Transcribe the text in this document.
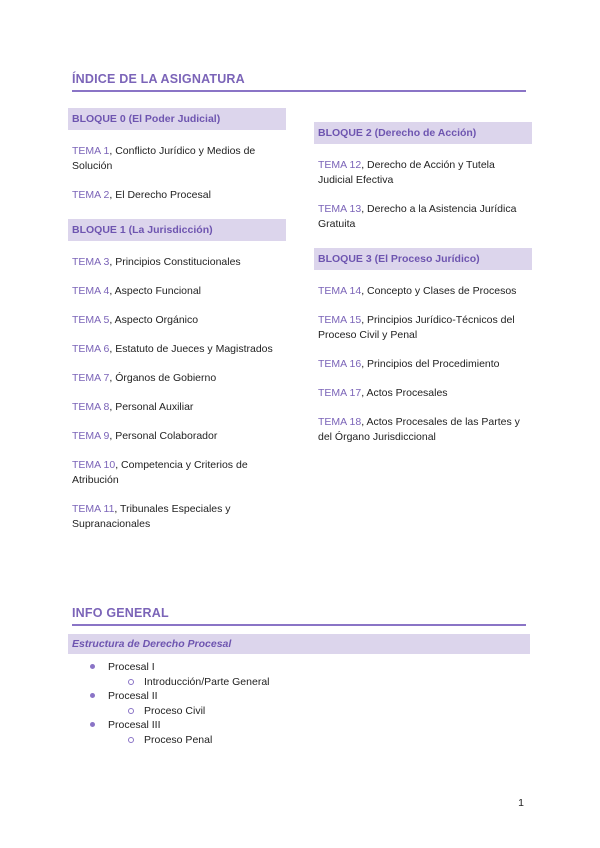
ÍNDICE DE LA ASIGNATURA
BLOQUE 0 (El Poder Judicial)
TEMA 1, Conflicto Jurídico y Medios de Solución
TEMA 2, El Derecho Procesal
BLOQUE 1 (La Jurisdicción)
TEMA 3, Principios Constitucionales
TEMA 4, Aspecto Funcional
TEMA 5, Aspecto Orgánico
TEMA 6, Estatuto de Jueces y Magistrados
TEMA 7, Órganos de Gobierno
TEMA 8, Personal Auxiliar
TEMA 9, Personal Colaborador
TEMA 10, Competencia y Criterios de Atribución
TEMA 11, Tribunales Especiales y Supranacionales
BLOQUE 2 (Derecho de Acción)
TEMA 12, Derecho de Acción y Tutela Judicial Efectiva
TEMA 13, Derecho a la Asistencia Jurídica Gratuita
BLOQUE 3 (El Proceso Jurídico)
TEMA 14, Concepto y Clases de Procesos
TEMA 15, Principios Jurídico-Técnicos del Proceso Civil y Penal
TEMA 16, Principios del Procedimiento
TEMA 17, Actos Procesales
TEMA 18, Actos Procesales de las Partes y del Órgano Jurisdiccional
INFO GENERAL
Estructura de Derecho Procesal
Procesal I
Introducción/Parte General
Procesal II
Proceso Civil
Procesal III
Proceso Penal
1
